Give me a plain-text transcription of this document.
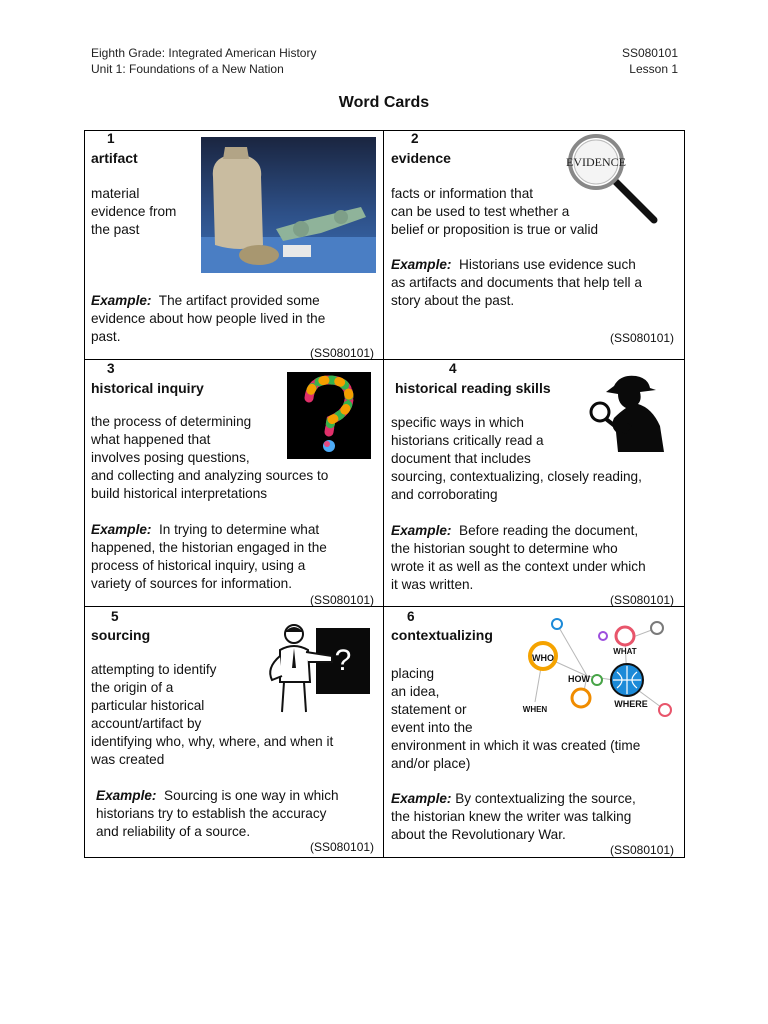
Eighth Grade: Integrated American History
Unit 1: Foundations of a New Nation
SS080101
Lesson 1
Word Cards
1
artifact
material
evidence from
the past
Example: The artifact provided some
evidence about how people lived in the
past.
(SS080101)
2
evidence	EVIDENCE
facts or information that
can be used to test whether a
belief or proposition is true or valid
Example: Historians use evidence such
as artifacts and documents that help tell a
story about the past.
(SS080101)
3
historical inquiry
the process of determining
what happened that
involves posing questions,
and collecting and analyzing sources to
build historical interpretations
Example: In trying to determine what
happened, the historian engaged in the
process of historical inquiry, using a
variety of sources for information.
(SS080101)
4
historical reading skills
specific ways in which
historians critically read a
document that includes
sourcing, contextualizing, closely reading,
and corroborating
Example: Before reading the document,
the historian sought to determine who
wrote it as well as the context under which
it was written.
(SS080101)
5
sourcing
?
attempting to identify
the origin of a
particular historical
account/artifact by
identifying who, why, where, and when it
was created
Example: Sourcing is one way in which
historians try to establish the accuracy
and reliability of a source.
(SS080101)
6
contextualizing
WHO
WHAT
HOW
WHERE
WHEN
placing
an idea,
statement or
event into the
environment in which it was created (time
and/or place)
Example: By contextualizing the source,
the historian knew the writer was talking
about the Revolutionary War.
(SS080101)
